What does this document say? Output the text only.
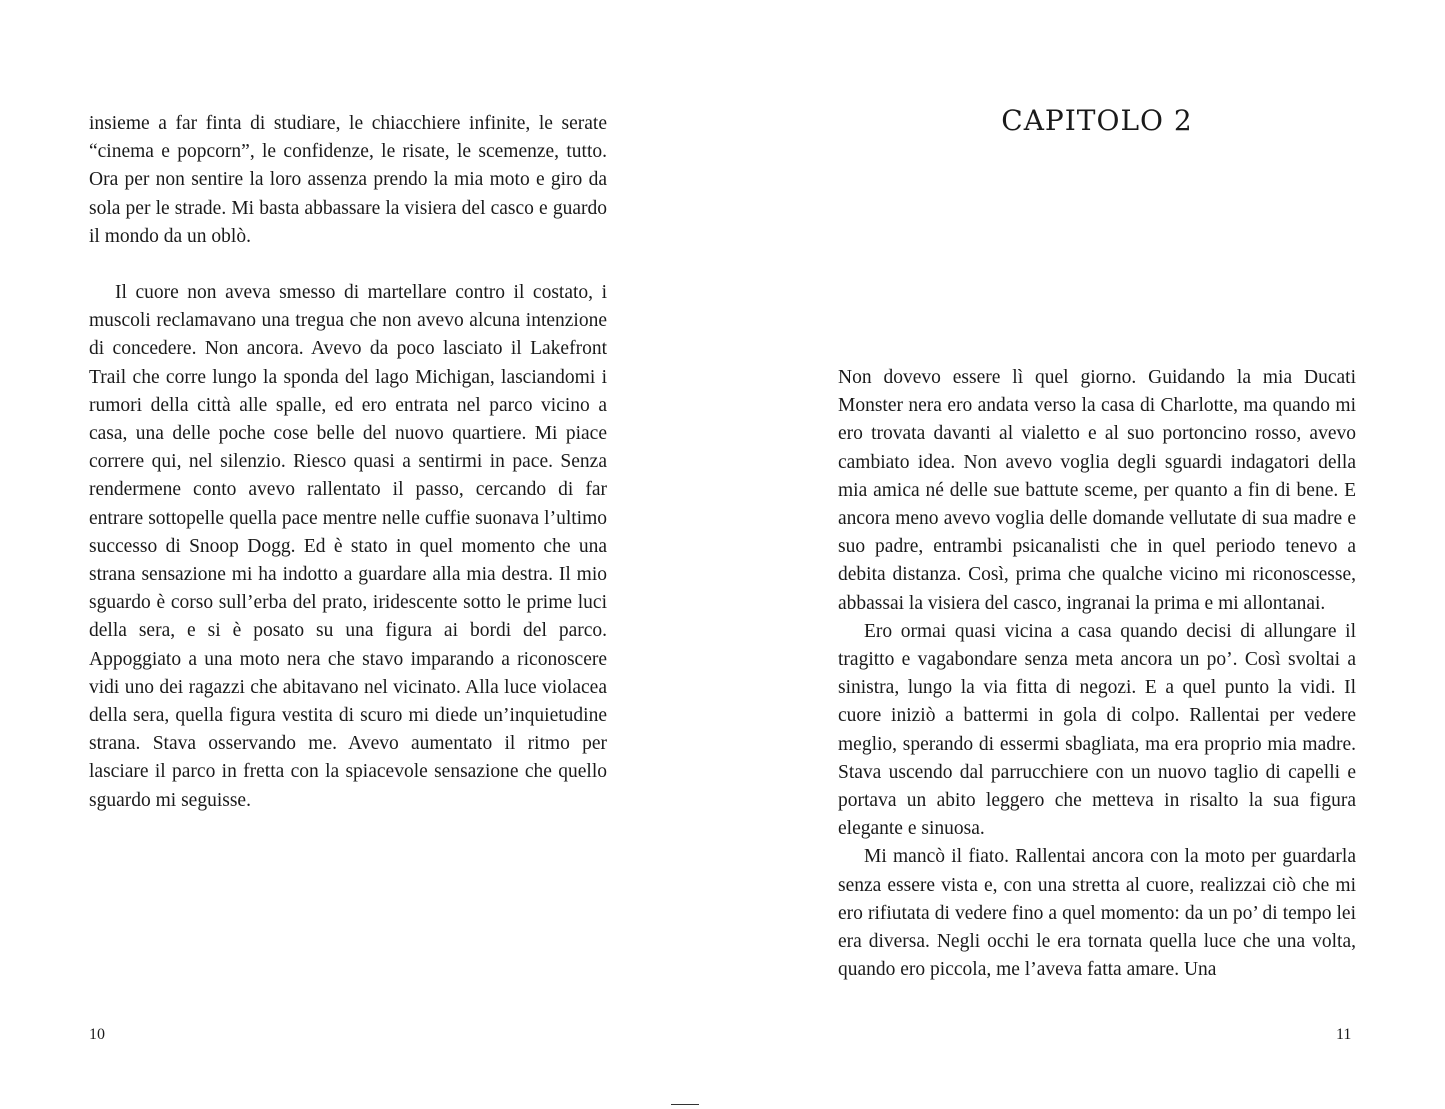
insieme a far finta di studiare, le chiacchiere infinite, le serate “cinema e popcorn”, le confidenze, le risate, le scemenze, tutto. Ora per non sentire la loro assenza prendo la mia moto e giro da sola per le strade. Mi basta abbassare la visiera del casco e guardo il mondo da un oblò.

Il cuore non aveva smesso di martellare contro il costato, i muscoli reclamavano una tregua che non avevo alcuna intenzione di concedere. Non ancora. Avevo da poco lasciato il Lakefront Trail che corre lungo la sponda del lago Michigan, lasciandomi i rumori della città alle spalle, ed ero entrata nel parco vicino a casa, una delle poche cose belle del nuovo quartiere. Mi piace correre qui, nel silenzio. Riesco quasi a sentirmi in pace. Senza rendermene conto avevo rallentato il passo, cercando di far entrare sottopelle quella pace mentre nelle cuffie suonava l’ultimo successo di Snoop Dogg. Ed è stato in quel momento che una strana sensazione mi ha indotto a guardare alla mia destra. Il mio sguardo è corso sull’erba del prato, iridescente sotto le prime luci della sera, e si è posato su una figura ai bordi del parco. Appoggiato a una moto nera che stavo imparando a riconoscere vidi uno dei ragazzi che abitavano nel vicinato. Alla luce violacea della sera, quella figura vestita di scuro mi diede un’inquietudine strana. Stava osservando me. Avevo aumentato il ritmo per lasciare il parco in fretta con la spiacevole sensazione che quello sguardo mi seguisse.

10
CAPITOLO 2

Non dovevo essere lì quel giorno. Guidando la mia Ducati Monster nera ero andata verso la casa di Charlotte, ma quando mi ero trovata davanti al vialetto e al suo portoncino rosso, avevo cambiato idea. Non avevo voglia degli sguardi indagatori della mia amica né delle sue battute sceme, per quanto a fin di bene. E ancora meno avevo voglia delle domande vellutate di sua madre e suo padre, entrambi psicanalisti che in quel periodo tenevo a debita distanza. Così, prima che qualche vicino mi riconoscesse, abbassai la visiera del casco, ingranai la prima e mi allontanai.

Ero ormai quasi vicina a casa quando decisi di allungare il tragitto e vagabondare senza meta ancora un po’. Così svoltai a sinistra, lungo la via fitta di negozi. E a quel punto la vidi. Il cuore iniziò a battermi in gola di colpo. Rallentai per vedere meglio, sperando di essermi sbagliata, ma era proprio mia madre. Stava uscendo dal parrucchiere con un nuovo taglio di capelli e portava un abito leggero che metteva in risalto la sua figura elegante e sinuosa.

Mi mancò il fiato. Rallentai ancora con la moto per guardarla senza essere vista e, con una stretta al cuore, realizzai ciò che mi ero rifiutata di vedere fino a quel momento: da un po’ di tempo lei era diversa. Negli occhi le era tornata quella luce che una volta, quando ero piccola, me l’aveva fatta amare. Una

11
